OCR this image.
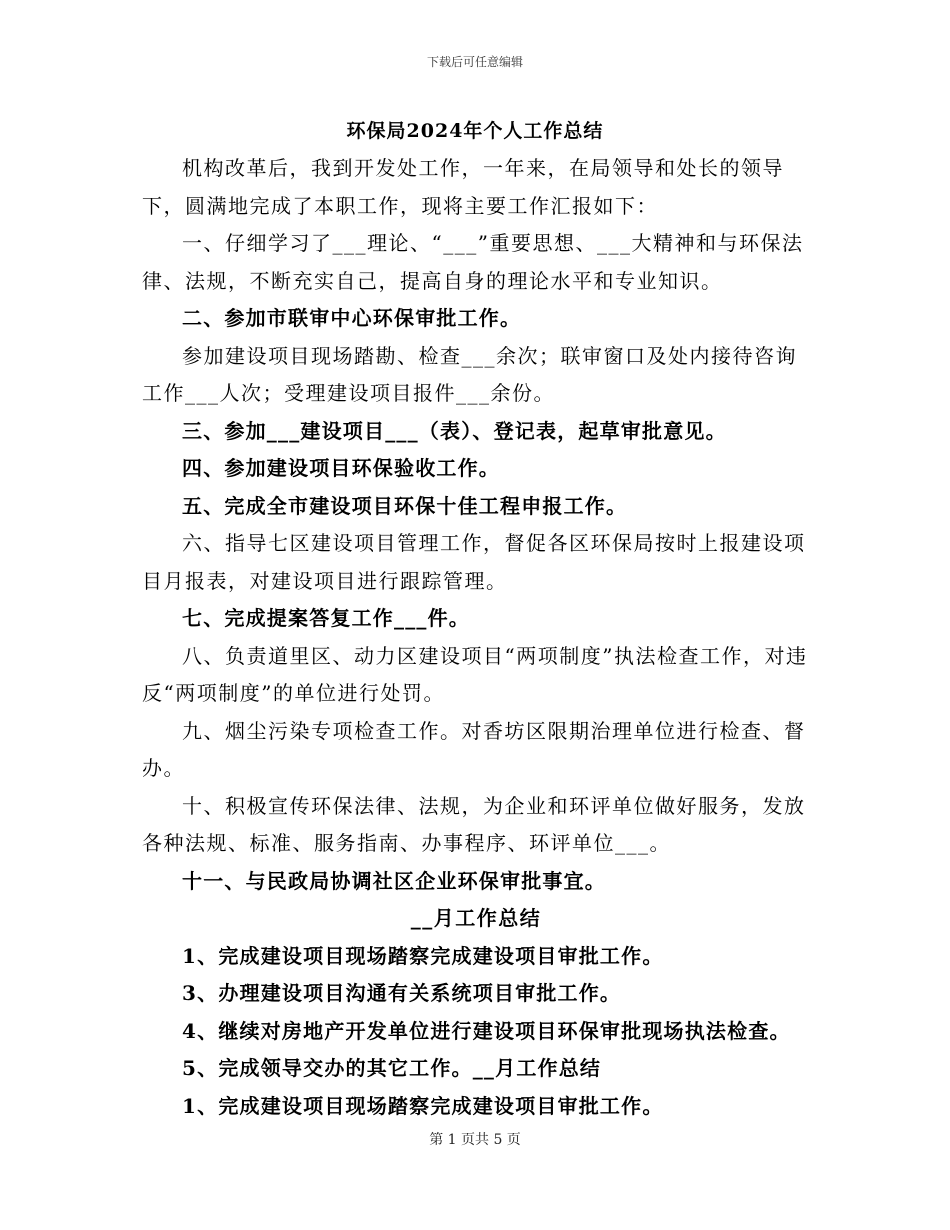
下载后可任意编辑
环保局2024年个人工作总结

机构改革后，我到开发处工作，一年来，在局领导和处长的领导下，圆满地完成了本职工作，现将主要工作汇报如下：

一、仔细学习了___理论、“___”重要思想、___大精神和与环保法律、法规，不断充实自己，提高自身的理论水平和专业知识。

二、参加市联审中心环保审批工作。

参加建设项目现场踏勘、检查___余次；联审窗口及处内接待咨询工作___人次；受理建设项目报件___余份。

三、参加___建设项目___（表）、登记表，起草审批意见。

四、参加建设项目环保验收工作。

五、完成全市建设项目环保十佳工程申报工作。

六、指导七区建设项目管理工作，督促各区环保局按时上报建设项目月报表，对建设项目进行跟踪管理。

七、完成提案答复工作___件。

八、负责道里区、动力区建设项目“两项制度”执法检查工作，对违反“两项制度”的单位进行处罚。

九、烟尘污染专项检查工作。对香坊区限期治理单位进行检查、督办。

十、积极宣传环保法律、法规，为企业和环评单位做好服务，发放各种法规、标准、服务指南、办事程序、环评单位___。

十一、与民政局协调社区企业环保审批事宜。

__月工作总结

1、完成建设项目现场踏察完成建设项目审批工作。

3、办理建设项目沟通有关系统项目审批工作。

4、继续对房地产开发单位进行建设项目环保审批现场执法检查。

5、完成领导交办的其它工作。__月工作总结

1、完成建设项目现场踏察完成建设项目审批工作。

第 1 页共 5 页
